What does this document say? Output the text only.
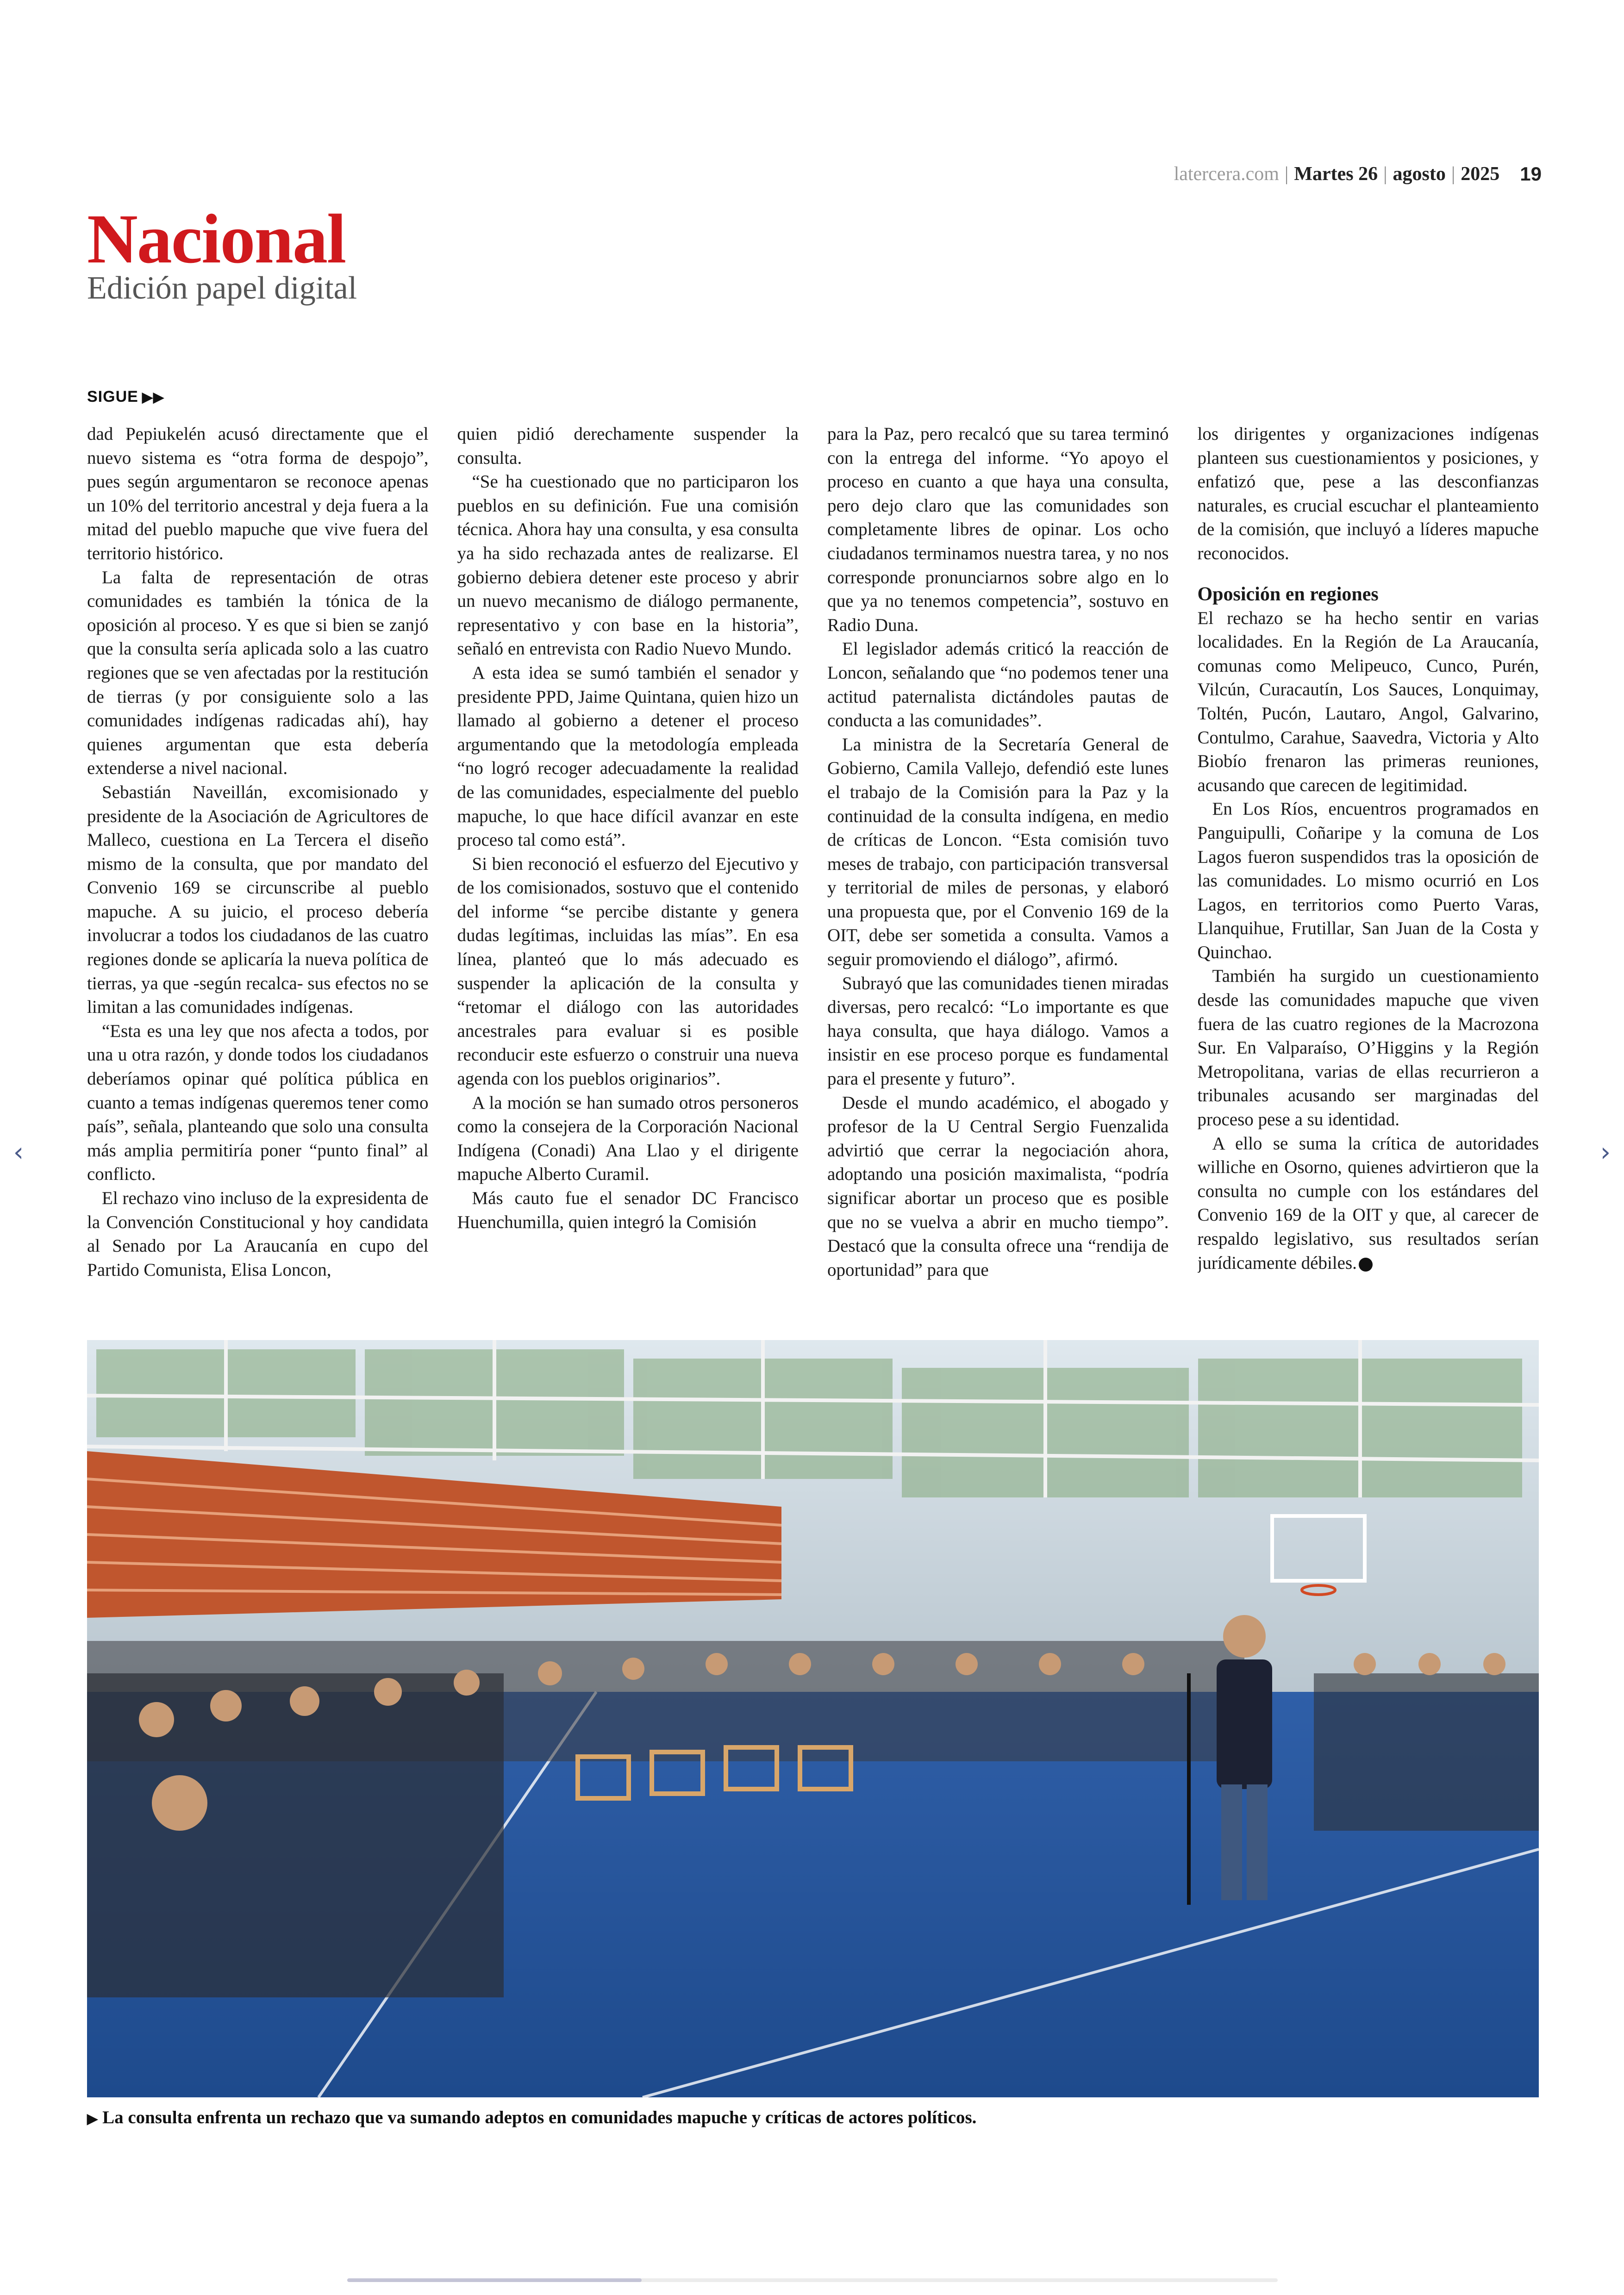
latercera.com | Martes 26 | agosto | 2025 19
Nacional
Edición papel digital
SIGUE ▶▶

dad Pepiukelén acusó directamente que el nuevo sistema es “otra forma de despojo”, pues según argumentaron se reconoce apenas un 10% del territorio ancestral y deja fuera a la mitad del pueblo mapuche que vive fuera del territorio histórico.

La falta de representación de otras comunidades es también la tónica de la oposición al proceso. Y es que si bien se zanjó que la consulta sería aplicada solo a las cuatro regiones que se ven afectadas por la restitución de tierras (y por consiguiente solo a las comunidades indígenas radicadas ahí), hay quienes argumentan que esta debería extenderse a nivel nacional.

Sebastián Naveillán, excomisionado y presidente de la Asociación de Agricultores de Malleco, cuestiona en La Tercera el diseño mismo de la consulta, que por mandato del Convenio 169 se circunscribe al pueblo mapuche. A su juicio, el proceso debería involucrar a todos los ciudadanos de las cuatro regiones donde se aplicaría la nueva política de tierras, ya que -según recalca- sus efectos no se limitan a las comunidades indígenas.

“Esta es una ley que nos afecta a todos, por una u otra razón, y donde todos los ciudadanos deberíamos opinar qué política pública en cuanto a temas indígenas queremos tener como país”, señala, planteando que solo una consulta más amplia permitiría poner “punto final” al conflicto.

El rechazo vino incluso de la expresidenta de la Convención Constitucional y hoy candidata al Senado por La Araucanía en cupo del Partido Comunista, Elisa Loncon,

quien pidió derechamente suspender la consulta.

“Se ha cuestionado que no participaron los pueblos en su definición. Fue una comisión técnica. Ahora hay una consulta, y esa consulta ya ha sido rechazada antes de realizarse. El gobierno debiera detener este proceso y abrir un nuevo mecanismo de diálogo permanente, representativo y con base en la historia”, señaló en entrevista con Radio Nuevo Mundo.

A esta idea se sumó también el senador y presidente PPD, Jaime Quintana, quien hizo un llamado al gobierno a detener el proceso argumentando que la metodología empleada “no logró recoger adecuadamente la realidad de las comunidades, especialmente del pueblo mapuche, lo que hace difícil avanzar en este proceso tal como está”.

Si bien reconoció el esfuerzo del Ejecutivo y de los comisionados, sostuvo que el contenido del informe “se percibe distante y genera dudas legítimas, incluidas las mías”. En esa línea, planteó que lo más adecuado es suspender la aplicación de la consulta y “retomar el diálogo con las autoridades ancestrales para evaluar si es posible reconducir este esfuerzo o construir una nueva agenda con los pueblos originarios”.

A la moción se han sumado otros personeros como la consejera de la Corporación Nacional Indígena (Conadi) Ana Llao y el dirigente mapuche Alberto Curamil.

Más cauto fue el senador DC Francisco Huenchumilla, quien integró la Comisión

para la Paz, pero recalcó que su tarea terminó con la entrega del informe. “Yo apoyo el proceso en cuanto a que haya una consulta, pero dejo claro que las comunidades son completamente libres de opinar. Los ocho ciudadanos terminamos nuestra tarea, y no nos corresponde pronunciarnos sobre algo en lo que ya no tenemos competencia”, sostuvo en Radio Duna.

El legislador además criticó la reacción de Loncon, señalando que “no podemos tener una actitud paternalista dictándoles pautas de conducta a las comunidades”.

La ministra de la Secretaría General de Gobierno, Camila Vallejo, defendió este lunes el trabajo de la Comisión para la Paz y la continuidad de la consulta indígena, en medio de críticas de Loncon. “Esta comisión tuvo meses de trabajo, con participación transversal y territorial de miles de personas, y elaboró una propuesta que, por el Convenio 169 de la OIT, debe ser sometida a consulta. Vamos a seguir promoviendo el diálogo”, afirmó.

Subrayó que las comunidades tienen miradas diversas, pero recalcó: “Lo importante es que haya consulta, que haya diálogo. Vamos a insistir en ese proceso porque es fundamental para el presente y futuro”.

Desde el mundo académico, el abogado y profesor de la U Central Sergio Fuenzalida advirtió que cerrar la negociación ahora, adoptando una posición maximalista, “podría significar abortar un proceso que es posible que no se vuelva a abrir en mucho tiempo”. Destacó que la consulta ofrece una “rendija de oportunidad” para que

los dirigentes y organizaciones indígenas planteen sus cuestionamientos y posiciones, y enfatizó que, pese a las desconfianzas naturales, es crucial escuchar el planteamiento de la comisión, que incluyó a líderes mapuche reconocidos.

Oposición en regiones

El rechazo se ha hecho sentir en varias localidades. En la Región de La Araucanía, comunas como Melipeuco, Cunco, Purén, Vilcún, Curacautín, Los Sauces, Lonquimay, Toltén, Pucón, Lautaro, Angol, Galvarino, Contulmo, Carahue, Saavedra, Victoria y Alto Biobío frenaron las primeras reuniones, acusando que carecen de legitimidad.

En Los Ríos, encuentros programados en Panguipulli, Coñaripe y la comuna de Los Lagos fueron suspendidos tras la oposición de las comunidades. Lo mismo ocurrió en Los Lagos, en territorios como Puerto Varas, Llanquihue, Frutillar, San Juan de la Costa y Quinchao.

También ha surgido un cuestionamiento desde las comunidades mapuche que viven fuera de las cuatro regiones de la Macrozona Sur. En Valparaíso, O’Higgins y la Región Metropolitana, varias de ellas recurrieron a tribunales acusando ser marginadas del proceso pese a su identidad.

A ello se suma la crítica de autoridades williche en Osorno, quienes advirtieron que la consulta no cumple con los estándares del Convenio 169 de la OIT y que, al carecer de respaldo legislativo, sus resultados serían jurídicamente débiles.

▶ La consulta enfrenta un rechazo que va sumando adeptos en comunidades mapuche y críticas de actores políticos.
‹	›
